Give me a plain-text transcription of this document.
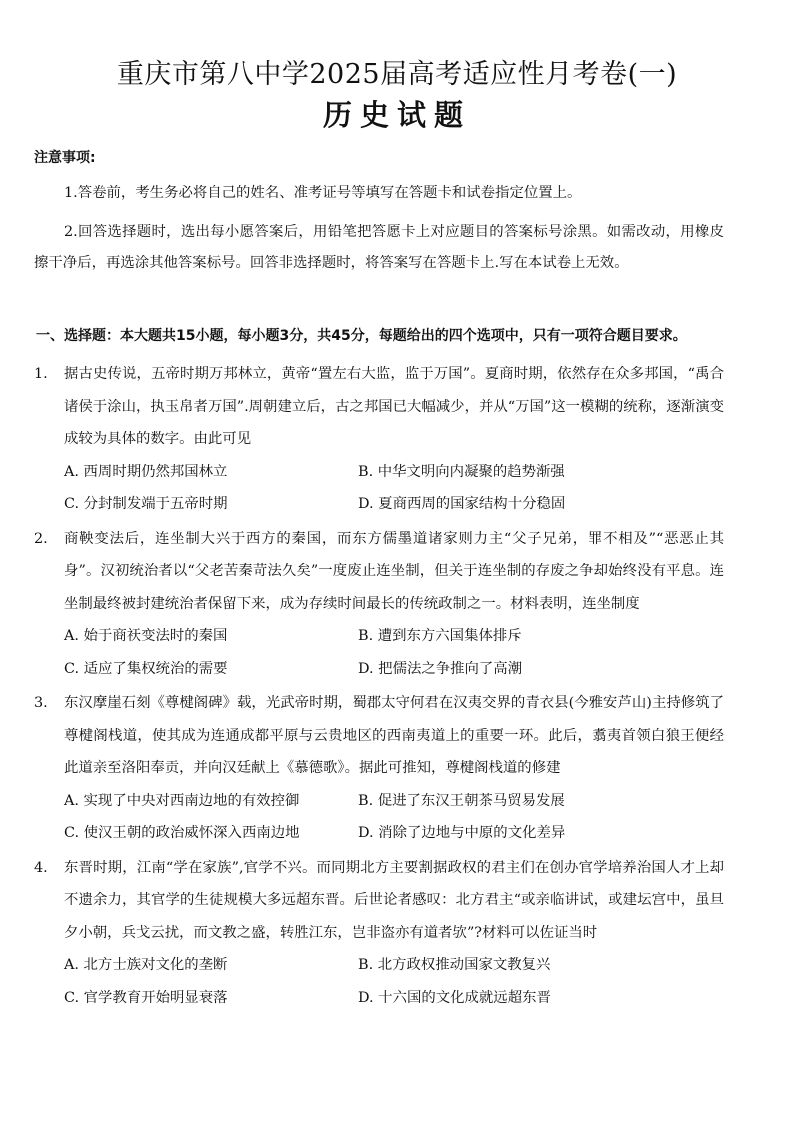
重庆市第八中学2025届高考适应性月考卷(一)
历史试题
注意事项:

1.答卷前，考生务必将自己的姓名、准考证号等填写在答题卡和试卷指定位置上。

2.回答选择题时，选出每小愿答案后，用铅笔把答愿卡上对应题目的答案标号涂黑。如需改动，用橡皮擦干净后，再选涂其他答案标号。回答非选择题时，将答案写在答题卡上.写在本试卷上无效。

一、选择题：本大题共15小题，每小题3分，共45分，每题给出的四个选项中，只有一项符合题目要求。
1. 据古史传说，五帝时期万邦林立，黄帝“置左右大监，监于万国”。夏商时期，依然存在众多邦国，“禹合诸侯于涂山，执玉帛者万国”.周朝建立后，古之邦国已大幅减少，并从“万国”这一模糊的统称，逐渐演变成较为具体的数字。由此可见
A. 西周时期仍然邦国林立	B. 中华文明向内凝聚的趋势渐强
C. 分封制发端于五帝时期	D. 夏商西周的国家结构十分稳固
2. 商鞅变法后，连坐制大兴于西方的秦国，而东方儒墨道诸家则力主“父子兄弟，罪不相及”“恶恶止其身”。汉初统治者以“父老苦秦苛法久矣”一度废止连坐制，但关于连坐制的存废之争却始终没有平息。连坐制最终被封建统治者保留下来，成为存续时间最长的传统政制之一。材料表明，连坐制度
A. 始于商祆变法时的秦国	B. 遭到东方六国集体排斥
C. 适应了集权统治的需要	D. 把儒法之争推向了高潮
3. 东汉摩崖石刻《尊楗阁碑》载，光武帝时期，蜀郡太守何君在汉夷交界的青衣县(今雅安芦山)主持修筑了尊楗阁栈道，使其成为连通成都平原与云贵地区的西南夷道上的重要一环。此后，翥夷首领白狼王便经此道亲至洛阳奉贡，并向汉廷献上《慕德歌》。据此可推知，尊楗阁栈道的修建
A. 实现了中央对西南边地的有效控御	B. 促进了东汉王朝茶马贸易发展
C. 使汉王朝的政治威怀深入西南边地	D. 消除了边地与中原的文化差异
4. 东晋时期，江南“学在家族”,官学不兴。而同期北方主要割据政权的君主们在创办官学培养治国人才上却不遗余力，其官学的生徒规模大多远超东晋。后世论者感叹：北方君主“或亲临讲试，或建坛宫中，虽旦夕小朝，兵戈云扰，而文教之盛，转胜江东，岂非盗亦有道者欤”?材料可以佐证当时
A. 北方士族对文化的垄断	B. 北方政权推动国家文教复兴
C. 官学教育开始明显衰落	D. 十六国的文化成就远超东晋
